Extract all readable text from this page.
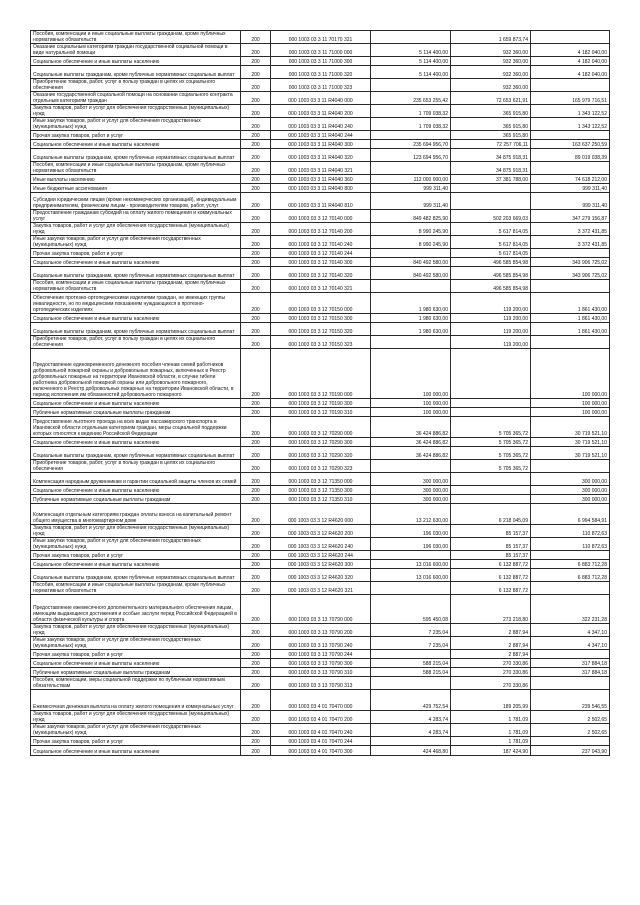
Пособия, компенсации и иные социальные выплаты гражданам, кроме публичных нормативных обязательств	200	000 1003 03 3 11 70170 321		1 659 873,74	
Оказание социальным категориям граждан государственной социальной помощи в виде натуральной помощи	200	000 1003 03 3 11 71000 000	5 114 400,00	932 360,00	4 182 040,00
Социальное обеспечение и иные выплаты населению	200	000 1003 03 3 11 71000 300	5 114 400,00	932 360,00	4 182 040,00
Социальные выплаты гражданам, кроме публичных нормативных социальных выплат	200	000 1003 03 3 11 71000 320	5 114 400,00	932 360,00	4 182 040,00
Приобретение товаров, работ, услуг в пользу граждан в целях их социального обеспечения	200	000 1003 03 3 11 71000 323		932 360,00	
Оказание государственной социальной помощи на основании социального контракта отдельным категориям граждан	200	000 1003 03 3 11 R4040 000	235 653 255,42	72 653 621,91	165 979 716,51
Закупка товаров, работ и услуг для обеспечения государственных (муниципальных) нужд	200	000 1003 03 3 11 R4040 200	1 709 038,32	365 915,80	1 343 122,52
Иные закупки товаров, работ и услуг для обеспечения государственных (муниципальных) нужд	200	000 1003 03 3 11 R4040 240	1 709 038,32	365 915,80	1 343 122,52
Прочая закупка товаров, работ и услуг	200	000 1003 03 3 11 R4040 244		365 915,80	
Социальное обеспечение и иные выплаты населению	200	000 1003 03 3 11 R4040 300	235 694 956,70	72 257 706,11	163 637 250,59
Социальные выплаты гражданам, кроме публичных нормативных социальных выплат	200	000 1003 03 3 11 R4040 320	123 694 956,70	34 875 918,31	89 019 038,39
Пособия, компенсации и иные социальные выплаты гражданам, кроме публичных нормативных обязательств	200	000 1003 03 3 11 R4040 321		34 875 918,31	
Иные выплаты населению	200	000 1003 03 3 11 R4040 360	112 000 000,00	37 381 788,00	74 618 212,00
Иные бюджетные ассигнования	200	000 1003 03 3 11 R4040 800	999 311,40		999 311,40
Субсидии юридическим лицам (кроме некоммерческих организаций), индивидуальным предпринимателям, физическим лицам - производителям товаров, работ, услуг	200	000 1003 03 3 11 R4040 810	999 311,40		999 311,40
Предоставление гражданам субсидий на оплату жилого помещения и коммунальных услуг	200	000 1003 03 3 12 70140 000	849 482 825,90	502 203 669,03	347 279 156,87
Закупка товаров, работ и услуг для обеспечения государственных (муниципальных) нужд	200	000 1003 03 3 12 70140 200	8 990 245,90	5 617 814,05	3 372 431,85
Иные закупки товаров, работ и услуг для обеспечения государственных (муниципальных) нужд	200	000 1003 03 3 12 70140 240	8 990 245,90	5 617 814,05	3 372 431,85
Прочая закупка товаров, работ и услуг	200	000 1003 03 3 12 70140 244		5 617 814,05	
Социальное обеспечение и иные выплаты населению	200	000 1003 03 3 12 70140 300	840 492 580,00	496 585 854,98	343 906 725,02
Социальные выплаты гражданам, кроме публичных нормативных социальных выплат	200	000 1003 03 3 12 70140 320	840 492 580,00	496 585 854,98	343 906 725,02
Пособия, компенсации и иные социальные выплаты гражданам, кроме публичных нормативных обязательств	200	000 1003 03 3 12 70140 321		496 585 854,98	
Обеспечение протезно-ортопедическими изделиями граждан, не имеющих группы инвалидности, но по медицинским показаниям нуждающихся в протезно-ортопедических изделиях	200	000 1003 03 3 12 70150 000	1 980 630,00	119 200,00	1 861 430,00
Социальное обеспечение и иные выплаты населению	200	000 1003 03 3 12 70150 300	1 980 630,00	119 200,00	1 861 430,00
Социальные выплаты гражданам, кроме публичных нормативных социальных выплат	200	000 1003 03 3 12 70150 320	1 980 630,00	119 200,00	1 861 430,00
Приобретение товаров, работ, услуг в пользу граждан в целях их социального обеспечения	200	000 1003 03 3 12 70150 323		119 200,00	
Предоставление единовременного денежного пособия членам семей работников добровольной пожарной охраны и добровольных пожарных, включенных в Реестр добровольных пожарных на территории Ивановской области, в случае гибели работника добровольной пожарной охраны или добровольного пожарного, включенного в Реестр добровольных пожарных на территории Ивановской области, в период исполнения им обязанностей добровольного пожарного	200	000 1003 03 3 12 70190 000	100 000,00		100 000,00
Социальное обеспечение и иные выплаты населению	200	000 1003 03 3 12 70190 300	100 000,00		100 000,00
Публичные нормативные социальные выплаты гражданам	200	000 1003 03 3 12 70190 310	100 000,00		100 000,00
Предоставление льготного проезда на всех видах пассажирского транспорта в Ивановской области отдельным категориям граждан, меры социальной поддержки которых относятся к ведению Российской Федерации	200	000 1003 03 3 12 70290 000	36 424 886,82	5 705 365,72	30 719 521,10
Социальное обеспечение и иные выплаты населению	200	000 1003 03 3 12 70290 300	36 424 886,82	5 705 365,72	30 719 521,10
Социальные выплаты гражданам, кроме публичных нормативных социальных выплат	200	000 1003 03 3 12 70290 320	36 424 886,82	5 705 365,72	30 719 521,10
Приобретение товаров, работ, услуг в пользу граждан в целях их социального обеспечения	200	000 1003 03 3 12 70290 323		5 705 365,72	
Компенсация народным дружинникам и гарантии социальной защиты членов их семей	200	000 1003 03 3 12 71350 000	300 000,00		300 000,00
Социальное обеспечение и иные выплаты населению	200	000 1003 03 3 12 71350 300	300 000,00		300 000,00
Публичные нормативные социальные выплаты гражданам	200	000 1003 03 3 12 71350 310	300 000,00		300 000,00
Компенсация отдельным категориям граждан оплаты взноса на капитальный ремонт общего имущества в многоквартирном доме	200	000 1003 03 3 12 R4620 000	13 212 630,00	6 218 045,09	6 994 584,91
Закупка товаров, работ и услуг для обеспечения государственных (муниципальных) нужд	200	000 1003 03 3 12 R4620 200	196 030,00	85 157,37	110 872,63
Иные закупки товаров, работ и услуг для обеспечения государственных (муниципальных) нужд	200	000 1003 03 3 12 R4620 240	196 030,00	85 157,37	110 872,63
Прочая закупка товаров, работ и услуг	200	000 1003 03 3 12 R4620 244		85 157,37	
Социальное обеспечение и иные выплаты населению	200	000 1003 03 3 12 R4620 300	13 016 600,00	6 132 887,72	6 883 712,28
Социальные выплаты гражданам, кроме публичных нормативных социальных выплат	200	000 1003 03 3 12 R4620 320	13 016 600,00	6 132 887,72	6 883 712,28
Пособия, компенсации и иные социальные выплаты гражданам, кроме публичных нормативных обязательств	200	000 1003 03 3 12 R4620 321		6 132 887,72	
Предоставление ежемесячного дополнительного материального обеспечения лицам, имеющим выдающиеся достижения и особые заслуги перед Российской Федерацией в области физической культуры и спорта	200	000 1003 03 3 13 70790 000	595 450,08	273 218,80	322 231,28
Закупка товаров, работ и услуг для обеспечения государственных (муниципальных) нужд	200	000 1003 03 3 13 70790 200	7 235,04	2 887,94	4 347,10
Иные закупки товаров, работ и услуг для обеспечения государственных (муниципальных) нужд	200	000 1003 03 3 13 70790 240	7 235,04	2 887,94	4 347,10
Прочая закупка товаров, работ и услуг	200	000 1003 03 3 13 70790 244		2 887,94	
Социальное обеспечение и иные выплаты населению	200	000 1003 03 3 13 70790 300	588 215,04	270 330,86	317 884,18
Публичные нормативные социальные выплаты гражданам	200	000 1003 03 3 13 70790 310	588 215,04	270 330,86	317 884,18
Пособия, компенсации, меры социальной поддержки по публичным нормативным обязательствам	200	000 1003 03 3 13 70790 313		270 330,86	
Ежемесячная денежная выплата на оплату жилого помещения и коммунальных услуг	200	000 1003 03 4 01 70470 000	429 752,54	189 205,99	239 546,55
Закупка товаров, работ и услуг для обеспечения государственных (муниципальных) нужд	200	000 1003 03 4 01 70470 200	4 283,74	1 781,09	2 502,65
Иные закупки товаров, работ и услуг для обеспечения государственных (муниципальных) нужд	200	000 1003 03 4 01 70470 240	4 283,74	1 781,09	2 502,65
Прочая закупка товаров, работ и услуг	200	000 1003 03 4 01 70470 244		1 781,09	
Социальное обеспечение и иные выплаты населению	200	000 1003 03 4 01 70470 300	424 468,80	187 424,90	237 043,90
